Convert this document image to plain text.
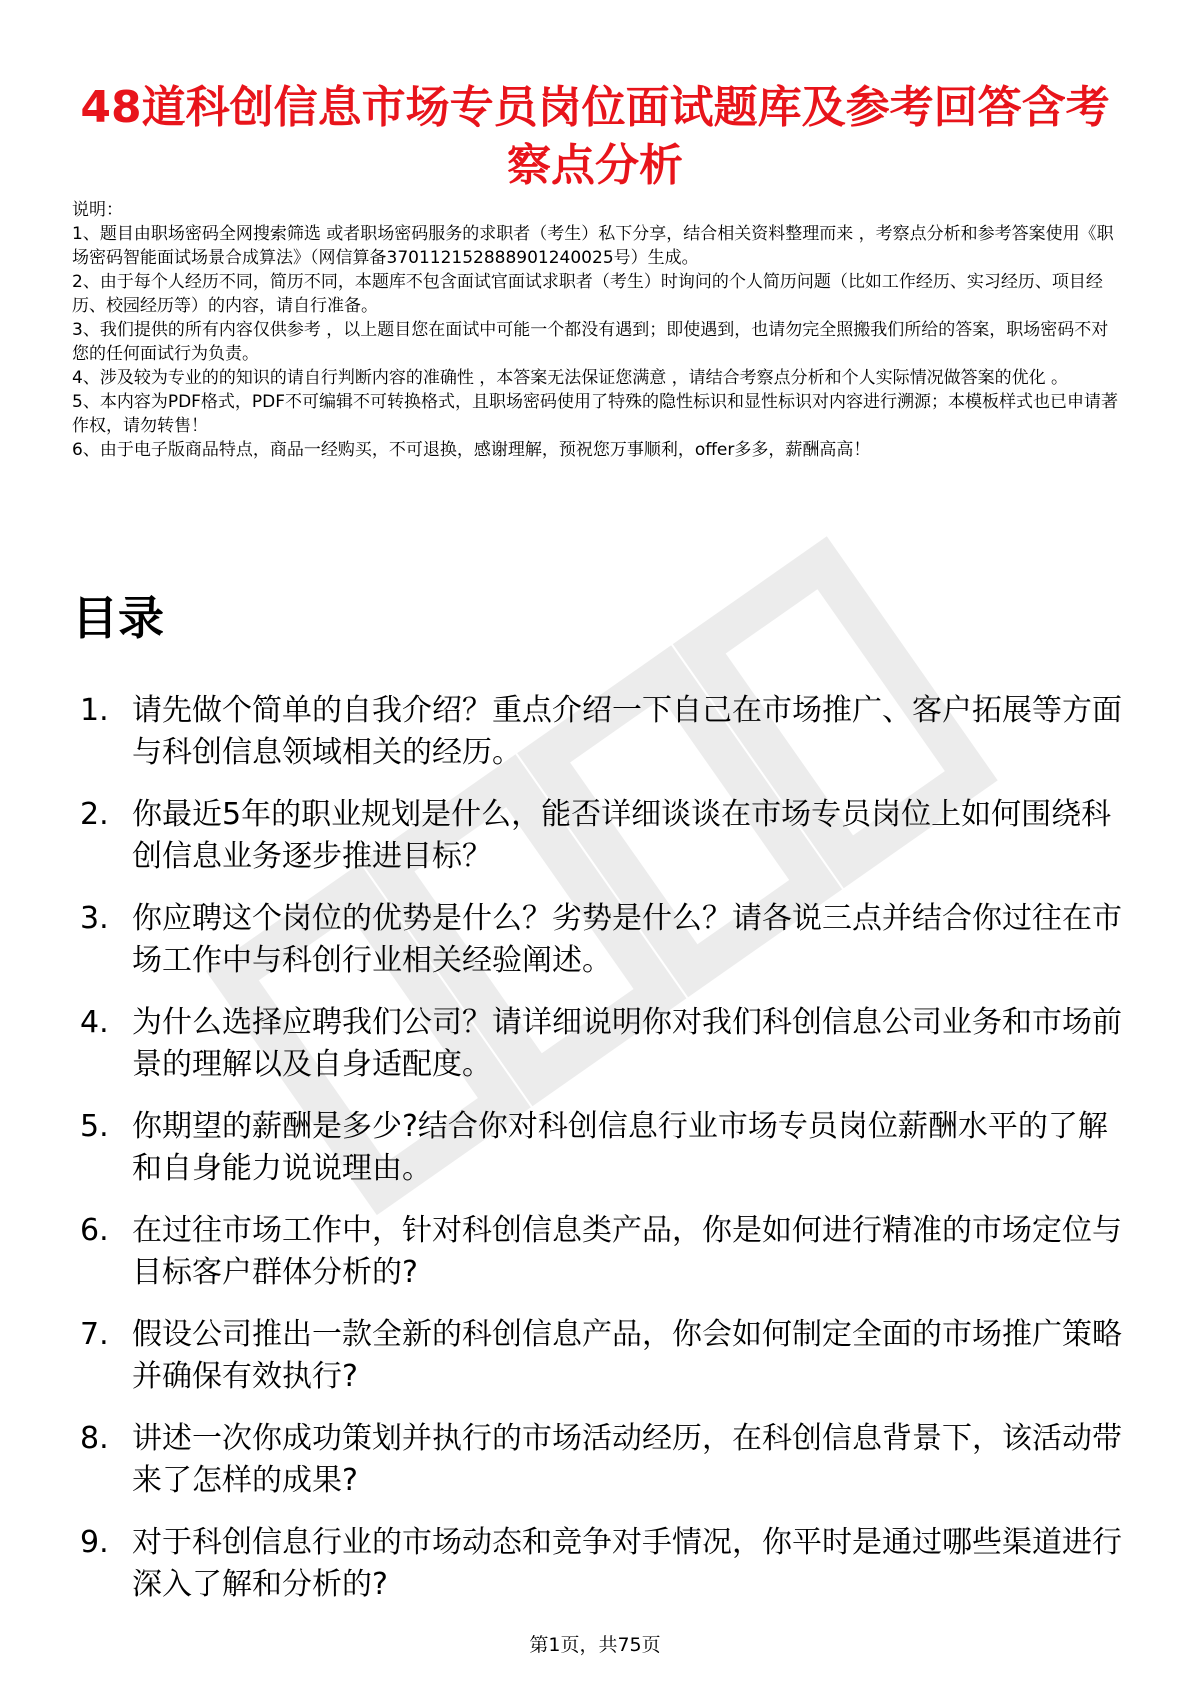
48道科创信息市场专员岗位面试题库及参考回答含考察点分析

说明：

1、题目由职场密码全网搜索筛选 或者职场密码服务的求职者（考生）私下分享，结合相关资料整理而来 ，考察点分析和参考答案使用《职场密码智能面试场景合成算法》（网信算备370112152888901240025号）生成。

2、由于每个人经历不同，简历不同，本题库不包含面试官面试求职者（考生）时询问的个人简历问题（比如工作经历、实习经历、项目经历、校园经历等）的内容，请自行准备。

3、我们提供的所有内容仅供参考 ，以上题目您在面试中可能一个都没有遇到；即使遇到，也请勿完全照搬我们所给的答案，职场密码不对您的任何面试行为负责。

4、涉及较为专业的的知识的请自行判断内容的准确性 ，本答案无法保证您满意 ，请结合考察点分析和个人实际情况做答案的优化 。

5、本内容为PDF格式，PDF不可编辑不可转换格式，且职场密码使用了特殊的隐性标识和显性标识对内容进行溯源；本模板样式也已申请著作权，请勿转售！

6、由于电子版商品特点，商品一经购买，不可退换，感谢理解，预祝您万事顺利，offer多多，薪酬高高！

目录
1. 请先做个简单的自我介绍？重点介绍一下自己在市场推广、客户拓展等方面与科创信息领域相关的经历。
2. 你最近5年的职业规划是什么，能否详细谈谈在市场专员岗位上如何围绕科创信息业务逐步推进目标？
3. 你应聘这个岗位的优势是什么？劣势是什么？请各说三点并结合你过往在市场工作中与科创行业相关经验阐述。
4. 为什么选择应聘我们公司？请详细说明你对我们科创信息公司业务和市场前景的理解以及自身适配度。
5. 你期望的薪酬是多少?结合你对科创信息行业市场专员岗位薪酬水平的了解和自身能力说说理由。
6. 在过往市场工作中，针对科创信息类产品，你是如何进行精准的市场定位与目标客户群体分析的?
7. 假设公司推出一款全新的科创信息产品，你会如何制定全面的市场推广策略并确保有效执行?
8. 讲述一次你成功策划并执行的市场活动经历，在科创信息背景下，该活动带来了怎样的成果?
9. 对于科创信息行业的市场动态和竞争对手情况，你平时是通过哪些渠道进行深入了解和分析的?
第1页，共75页
